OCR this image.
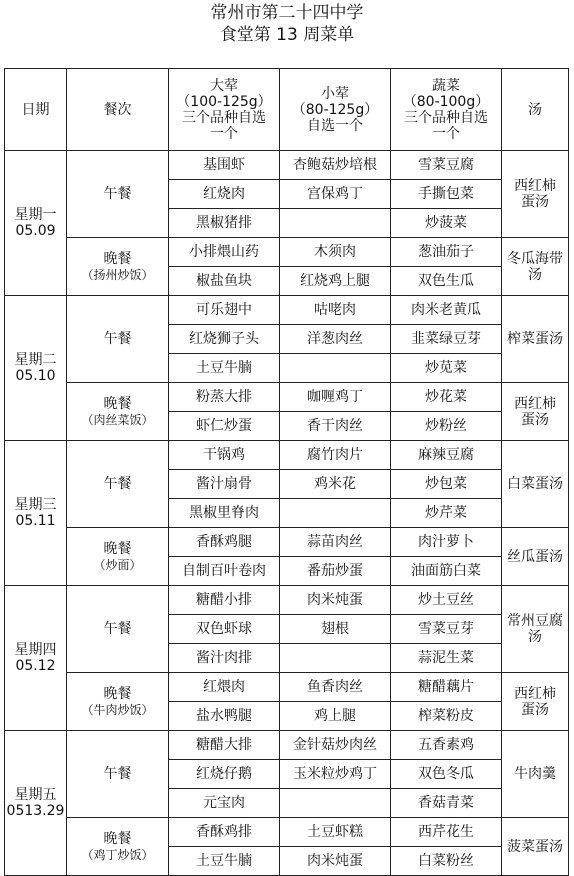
常州市第二十四中学
食堂第 13 周菜单
日期	餐次	大荤
（100-125g）
三个品种自选
一个	小荤
（80-125g）
自选一个	蔬菜
（80-100g）
三个品种自选
一个	汤

星期一
05.09	午餐	基围虾	杏鲍菇炒培根	雪菜豆腐	西红柿
蛋汤

		红烧肉	宫保鸡丁	手撕包菜	
		黑椒猪排		炒菠菜	

	晚餐
（扬州炒饭）	小排煨山药	木须肉	葱油茄子	冬瓜海带
汤

		椒盐鱼块	红烧鸡上腿	双色生瓜	

星期二
05.10	午餐	可乐翅中	咕咾肉	肉米老黄瓜	榨菜蛋汤

		红烧狮子头	洋葱肉丝	韭菜绿豆芽	
		土豆牛腩		炒苋菜	

	晚餐
（肉丝菜饭）	粉蒸大排	咖喱鸡丁	炒花菜	西红柿
蛋汤

		虾仁炒蛋	香干肉丝	炒粉丝	

星期三
05.11	午餐	干锅鸡	腐竹肉片	麻辣豆腐	白菜蛋汤

		酱汁扇骨	鸡米花	炒包菜	
		黑椒里脊肉		炒芹菜	

	晚餐
（炒面）	香酥鸡腿	蒜苗肉丝	肉汁萝卜	丝瓜蛋汤

		自制百叶卷肉	番茄炒蛋	油面筋白菜	

星期四
05.12	午餐	糖醋小排	肉米炖蛋	炒土豆丝	常州豆腐
汤

		双色虾球	翅根	雪菜豆芽	
		酱汁肉排		蒜泥生菜	

	晚餐
（牛肉炒饭）	红煨肉	鱼香肉丝	糖醋藕片	西红柿
蛋汤

		盐水鸭腿	鸡上腿	榨菜粉皮	

星期五
0513.29	午餐	糖醋大排	金针菇炒肉丝	五香素鸡	牛肉羹

		红烧仔鹅	玉米粒炒鸡丁	双色冬瓜	
		元宝肉		香菇青菜	

	晚餐
（鸡丁炒饭）	香酥鸡排	土豆虾糕	西芹花生	菠菜蛋汤

		土豆牛腩	肉米炖蛋	白菜粉丝	
